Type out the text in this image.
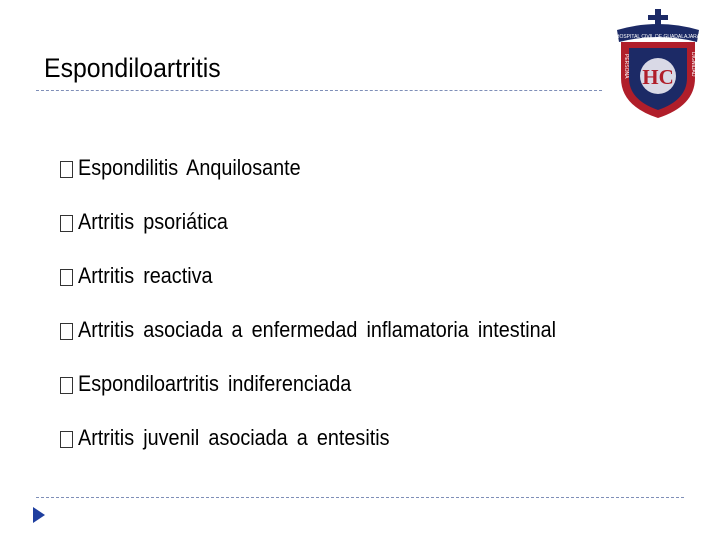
Espondiloartritis
HOSPITAL CIVIL DE GUADALAJARA
HC
PERSONA	DIGNIDAD
Espondilitis Anquilosante
Artritis psoriática
Artritis reactiva
Artritis asociada a enfermedad inflamatoria intestinal
Espondiloartritis indiferenciada
Artritis juvenil asociada a entesitis
